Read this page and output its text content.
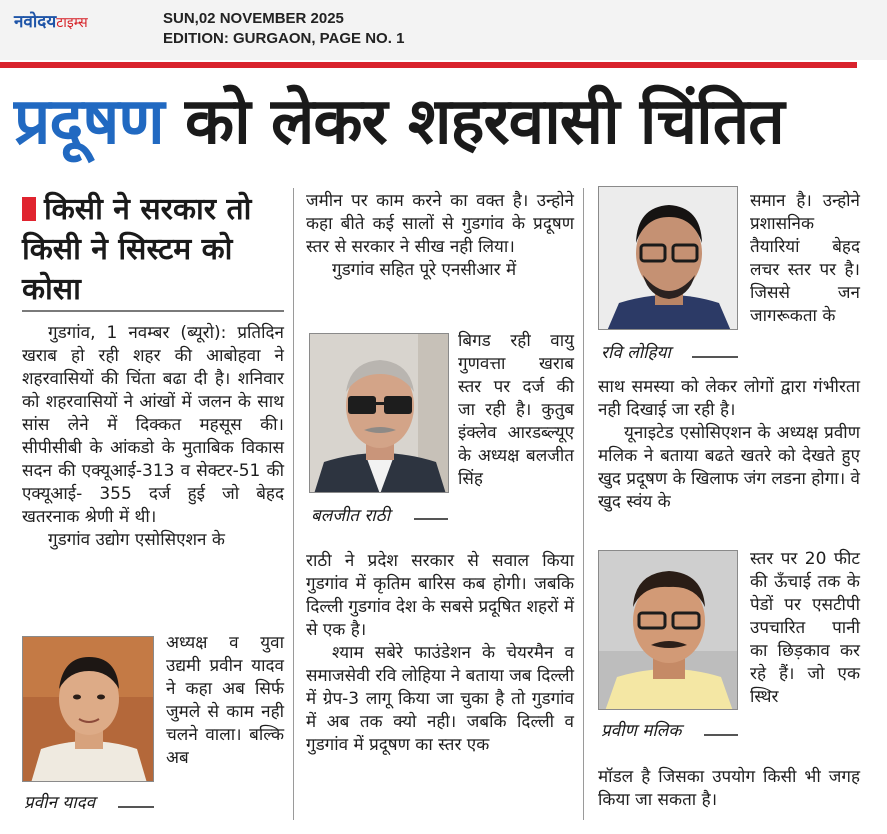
नवोदयटाइम्स	SUN,02 NOVEMBER 2025
EDITION: GURGAON, PAGE NO. 1
प्रदूषण को लेकर शहरवासी चिंतित
किसी ने सरकार तो किसी ने सिस्टम को कोसा

गुडगांव, 1 नवम्बर (ब्यूरो): प्रतिदिन खराब हो रही शहर की आबोहवा ने शहरवासियों की चिंता बढा दी है। शनिवार को शहरवासियों ने आंखों में जलन के साथ सांस लेने में दिक्कत महसूस की। सीपीसीबी के आंकडो के मुताबिक विकास सदन की एक्यूआई-313 व सेक्टर-51 की एक्यूआई- 355 दर्ज हुई जो बेहद खतरनाक श्रेणी में थी।

गुडगांव उद्योग एसोसिएशन के

अध्यक्ष व युवा उद्यमी प्रवीन यादव ने कहा अब सिर्फ जुमले से काम नही चलने वाला। बल्कि अब

प्रवीन यादव

जमीन पर काम करने का वक्त है। उन्होने कहा बीते कई सालों से गुडगांव के प्रदूषण स्तर से सरकार ने सीख नही लिया।

गुडगांव सहित पूरे एनसीआर में

बलजीत राठी

बिगड रही वायु गुणवत्ता खराब स्तर पर दर्ज की जा रही है। कुतुब इंक्लेव आरडब्ल्यूए के अध्यक्ष बलजीत सिंह

राठी ने प्रदेश सरकार से सवाल किया गुडगांव में कृतिम बारिस कब होगी। जबकि दिल्ली गुडगांव देश के सबसे प्रदूषित शहरों में से एक है।

श्याम सबेरे फाउंडेशन के चेयरमैन व समाजसेवी रवि लोहिया ने बताया जब दिल्ली में ग्रेप-3 लागू किया जा चुका है तो गुडगांव में अब तक क्यो नही। जबकि दिल्ली व गुडगांव में प्रदूषण का स्तर एक

रवि लोहिया

समान है। उन्होने प्रशासनिक तैयारियां बेहद लचर स्तर पर है। जिससे जन जागरूकता के

साथ समस्या को लेकर लोगों द्वारा गंभीरता नही दिखाई जा रही है।

यूनाइटेड एसोसिएशन के अध्यक्ष प्रवीण मलिक ने बताया बढते खतरे को देखते हुए खुद प्रदूषण के खिलाफ जंग लडना होगा। वे खुद स्वंय के

प्रवीण मलिक

स्तर पर 20 फीट की ऊँचाई तक के पेडों पर एसटीपी उपचारित पानी का छिड़काव कर रहे हैं। जो एक स्थिर

मॉडल है जिसका उपयोग किसी भी जगह किया जा सकता है।
